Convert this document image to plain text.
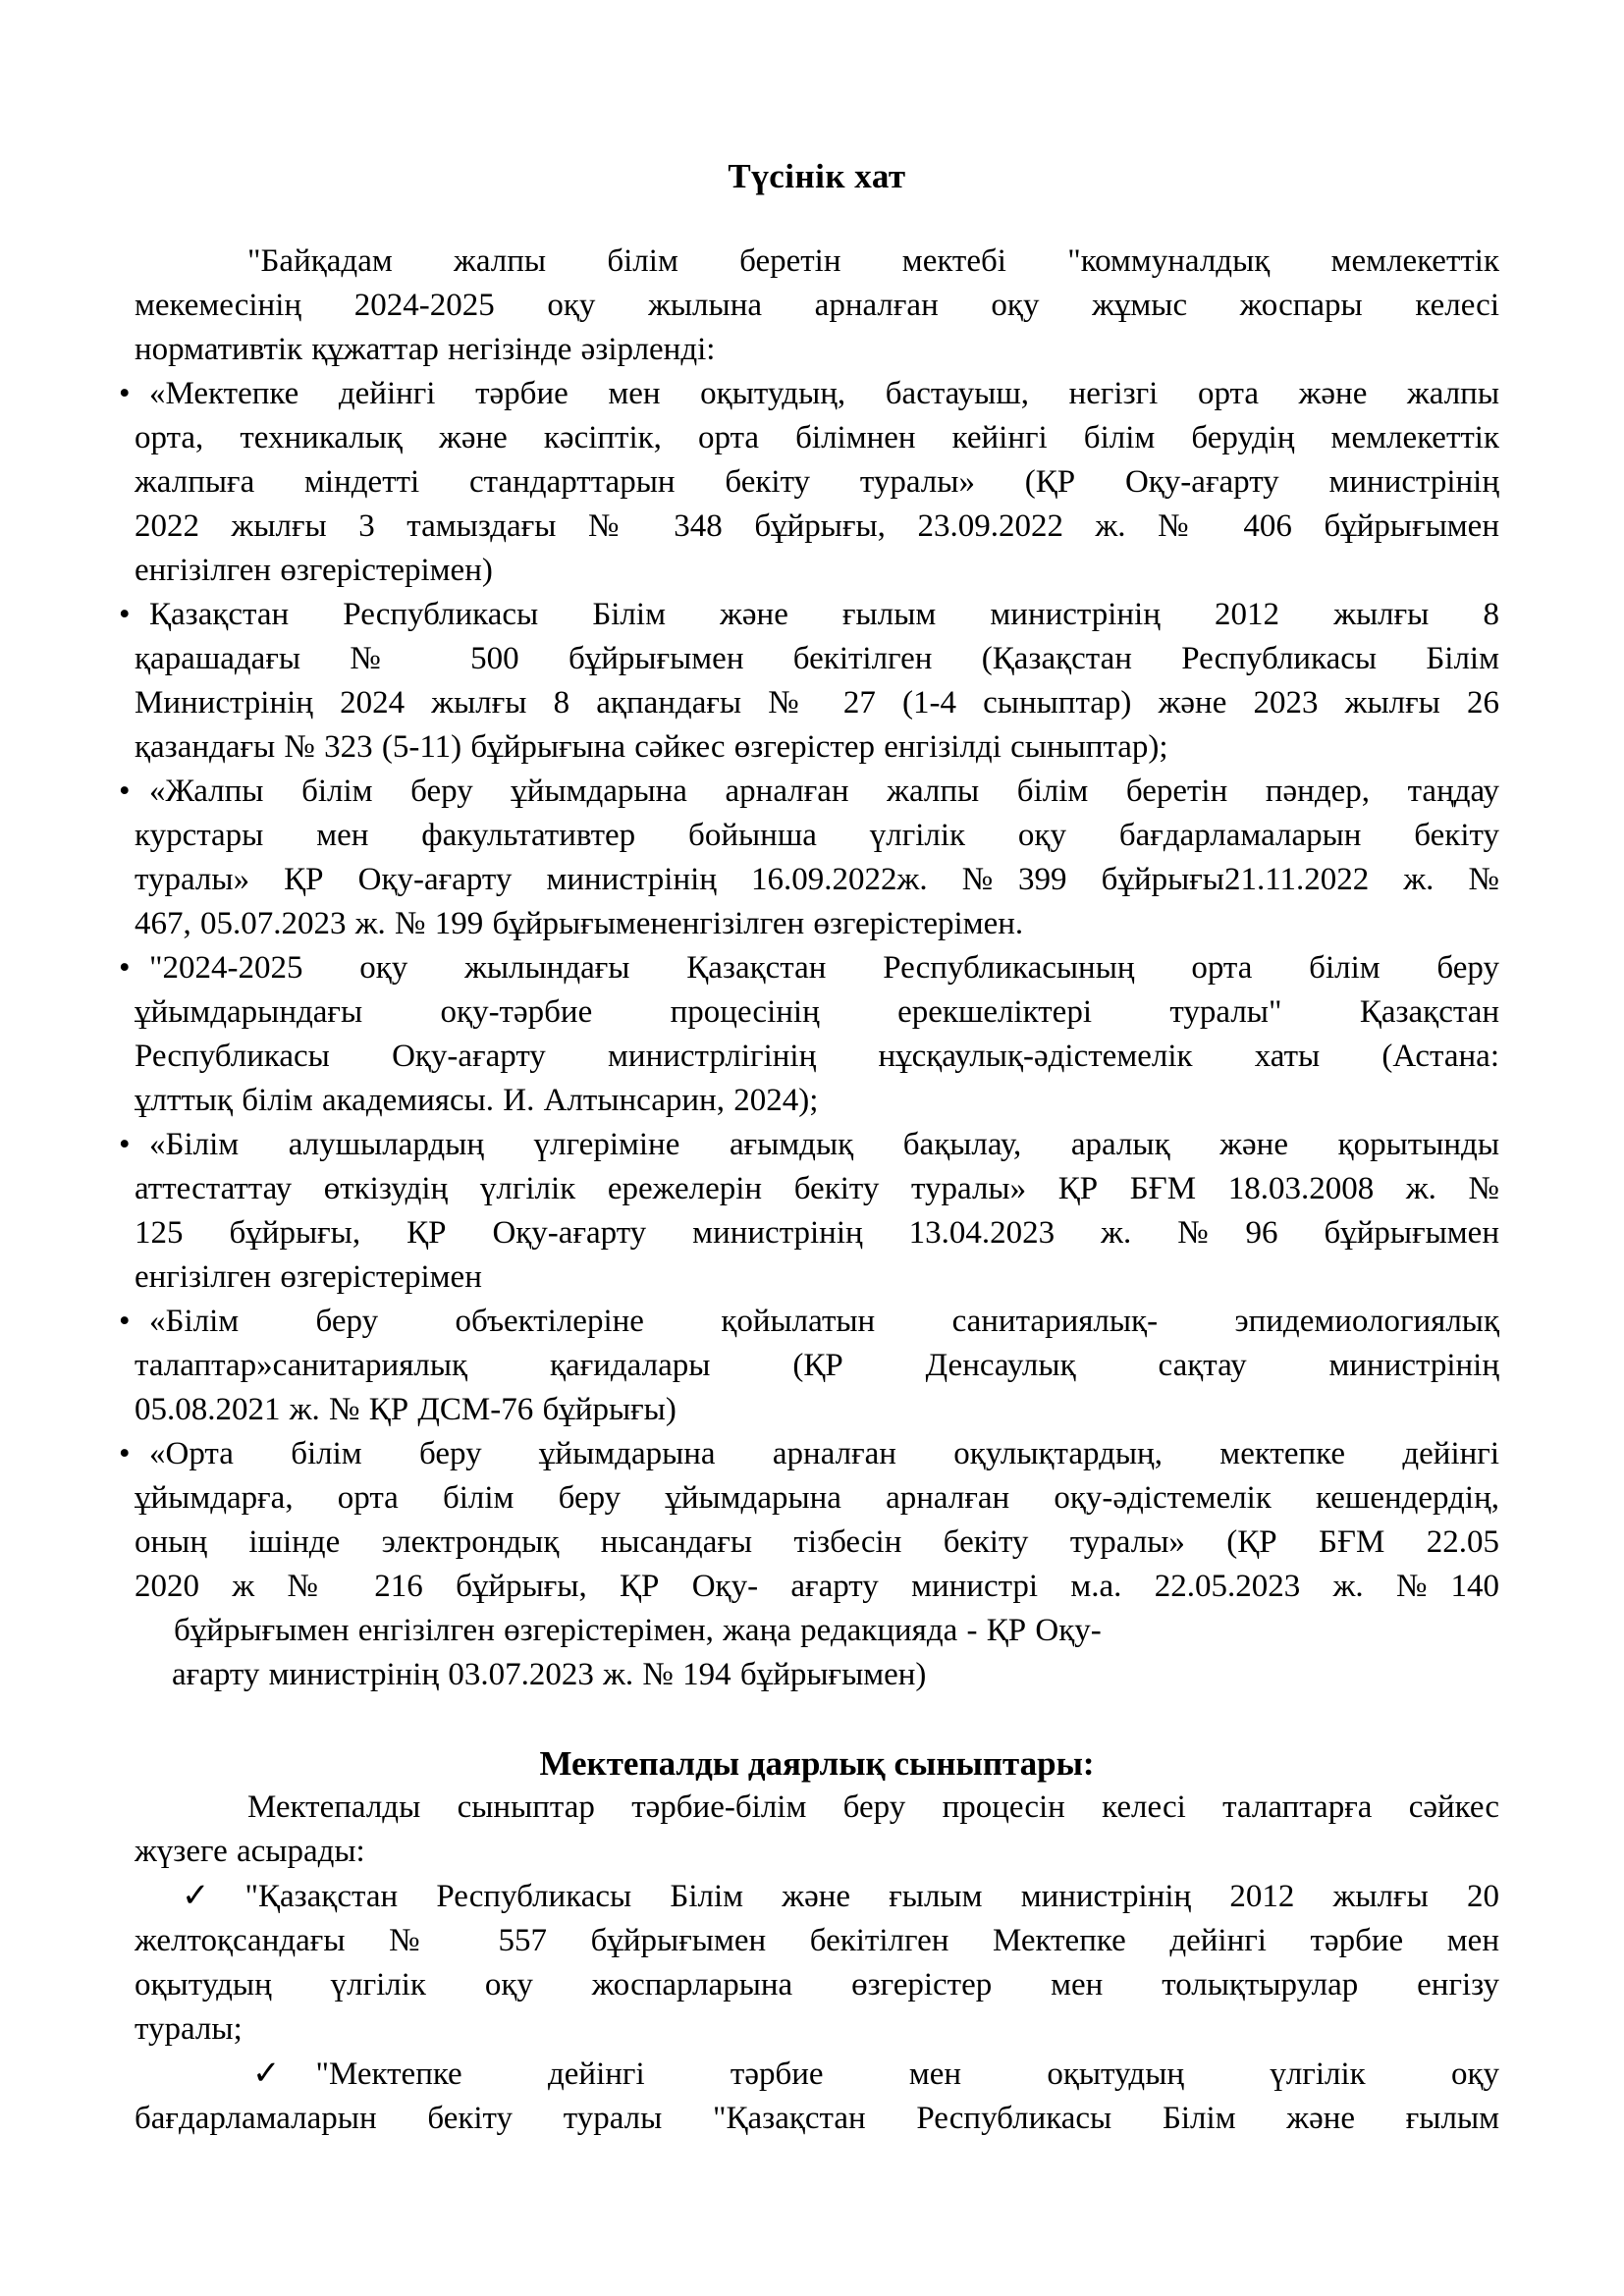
Түсінік хат
"Байқадам жалпы білім беретін мектебі "коммуналдық мемлекеттік
мекемесінің 2024-2025 оқу жылына арналған оқу жұмыс жоспары келесі
нормативтік құжаттар негізінде әзірленді:
• «Мектепке дейінгі тәрбие мен оқытудың, бастауыш, негізгі орта және жалпы
орта, техникалық және кәсіптік, орта білімнен кейінгі білім берудің мемлекеттік
жалпыға міндетті стандарттарын бекіту туралы» (ҚР Оқу-ағарту министрінің
2022 жылғы 3 тамыздағы № 348 бұйрығы, 23.09.2022 ж. № 406 бұйрығымен
енгізілген өзгерістерімен)
• Қазақстан Республикасы Білім және ғылым министрінің 2012 жылғы 8
қарашадағы № 500 бұйрығымен бекітілген (Қазақстан Республикасы Білім
Министрінің 2024 жылғы 8 ақпандағы № 27 (1-4 сыныптар) және 2023 жылғы 26
қазандағы № 323 (5-11) бұйрығына сәйкес өзгерістер енгізілді сыныптар);
• «Жалпы білім беру ұйымдарына арналған жалпы білім беретін пәндер, таңдау
курстары мен факультативтер бойынша үлгілік оқу бағдарламаларын бекіту
туралы» ҚР Оқу-ағарту министрінің 16.09.2022ж. №399 бұйрығы21.11.2022 ж. №
467, 05.07.2023 ж. № 199 бұйрығымененгізілген өзгерістерімен.
• "2024-2025 оқу жылындағы Қазақстан Республикасының орта білім беру
ұйымдарындағы оқу-тәрбие процесінің ерекшеліктері туралы" Қазақстан
Республикасы Оқу-ағарту министрлігінің нұсқаулық-әдістемелік хаты (Астана:
ұлттық білім академиясы. И. Алтынсарин, 2024);
• «Білім алушылардың үлгеріміне ағымдық бақылау, аралық және қорытынды
аттестаттау өткізудің үлгілік ережелерін бекіту туралы» ҚР БҒМ 18.03.2008 ж. №
125 бұйрығы, ҚР Оқу-ағарту министрінің 13.04.2023 ж. №96 бұйрығымен
енгізілген өзгерістерімен
• «Білім беру объектілеріне қойылатын санитариялық- эпидемиологиялық
талаптар»санитариялық қағидалары (ҚР Денсаулық сақтау министрінің
05.08.2021 ж. № ҚР ДСМ-76 бұйрығы)
• «Орта білім беру ұйымдарына арналған оқулықтардың, мектепке дейінгі
ұйымдарға, орта білім беру ұйымдарына арналған оқу-әдістемелік кешендердің,
оның ішінде электрондық нысандағы тізбесін бекіту туралы» (ҚР БҒМ 22.05
2020 ж № 216 бұйрығы, ҚР Оқу- ағарту министрі м.а. 22.05.2023 ж. №140
бұйрығымен енгізілген өзгерістерімен, жаңа редакцияда - ҚР Оқу-
ағарту министрінің 03.07.2023 ж. № 194 бұйрығымен)
Мектепалды даярлық сыныптары:
Мектепалды сыныптар тәрбие-білім беру процесін келесі талаптарға сәйкес
жүзеге асырады:
✓ "Қазақстан Республикасы Білім және ғылым министрінің 2012 жылғы 20
желтоқсандағы № 557 бұйрығымен бекітілген Мектепке дейінгі тәрбие мен
оқытудың үлгілік оқу жоспарларына өзгерістер мен толықтырулар енгізу
туралы;
✓ "Мектепке дейінгі тәрбие мен оқытудың үлгілік оқу
бағдарламаларын бекіту туралы "Қазақстан Республикасы Білім және ғылым
